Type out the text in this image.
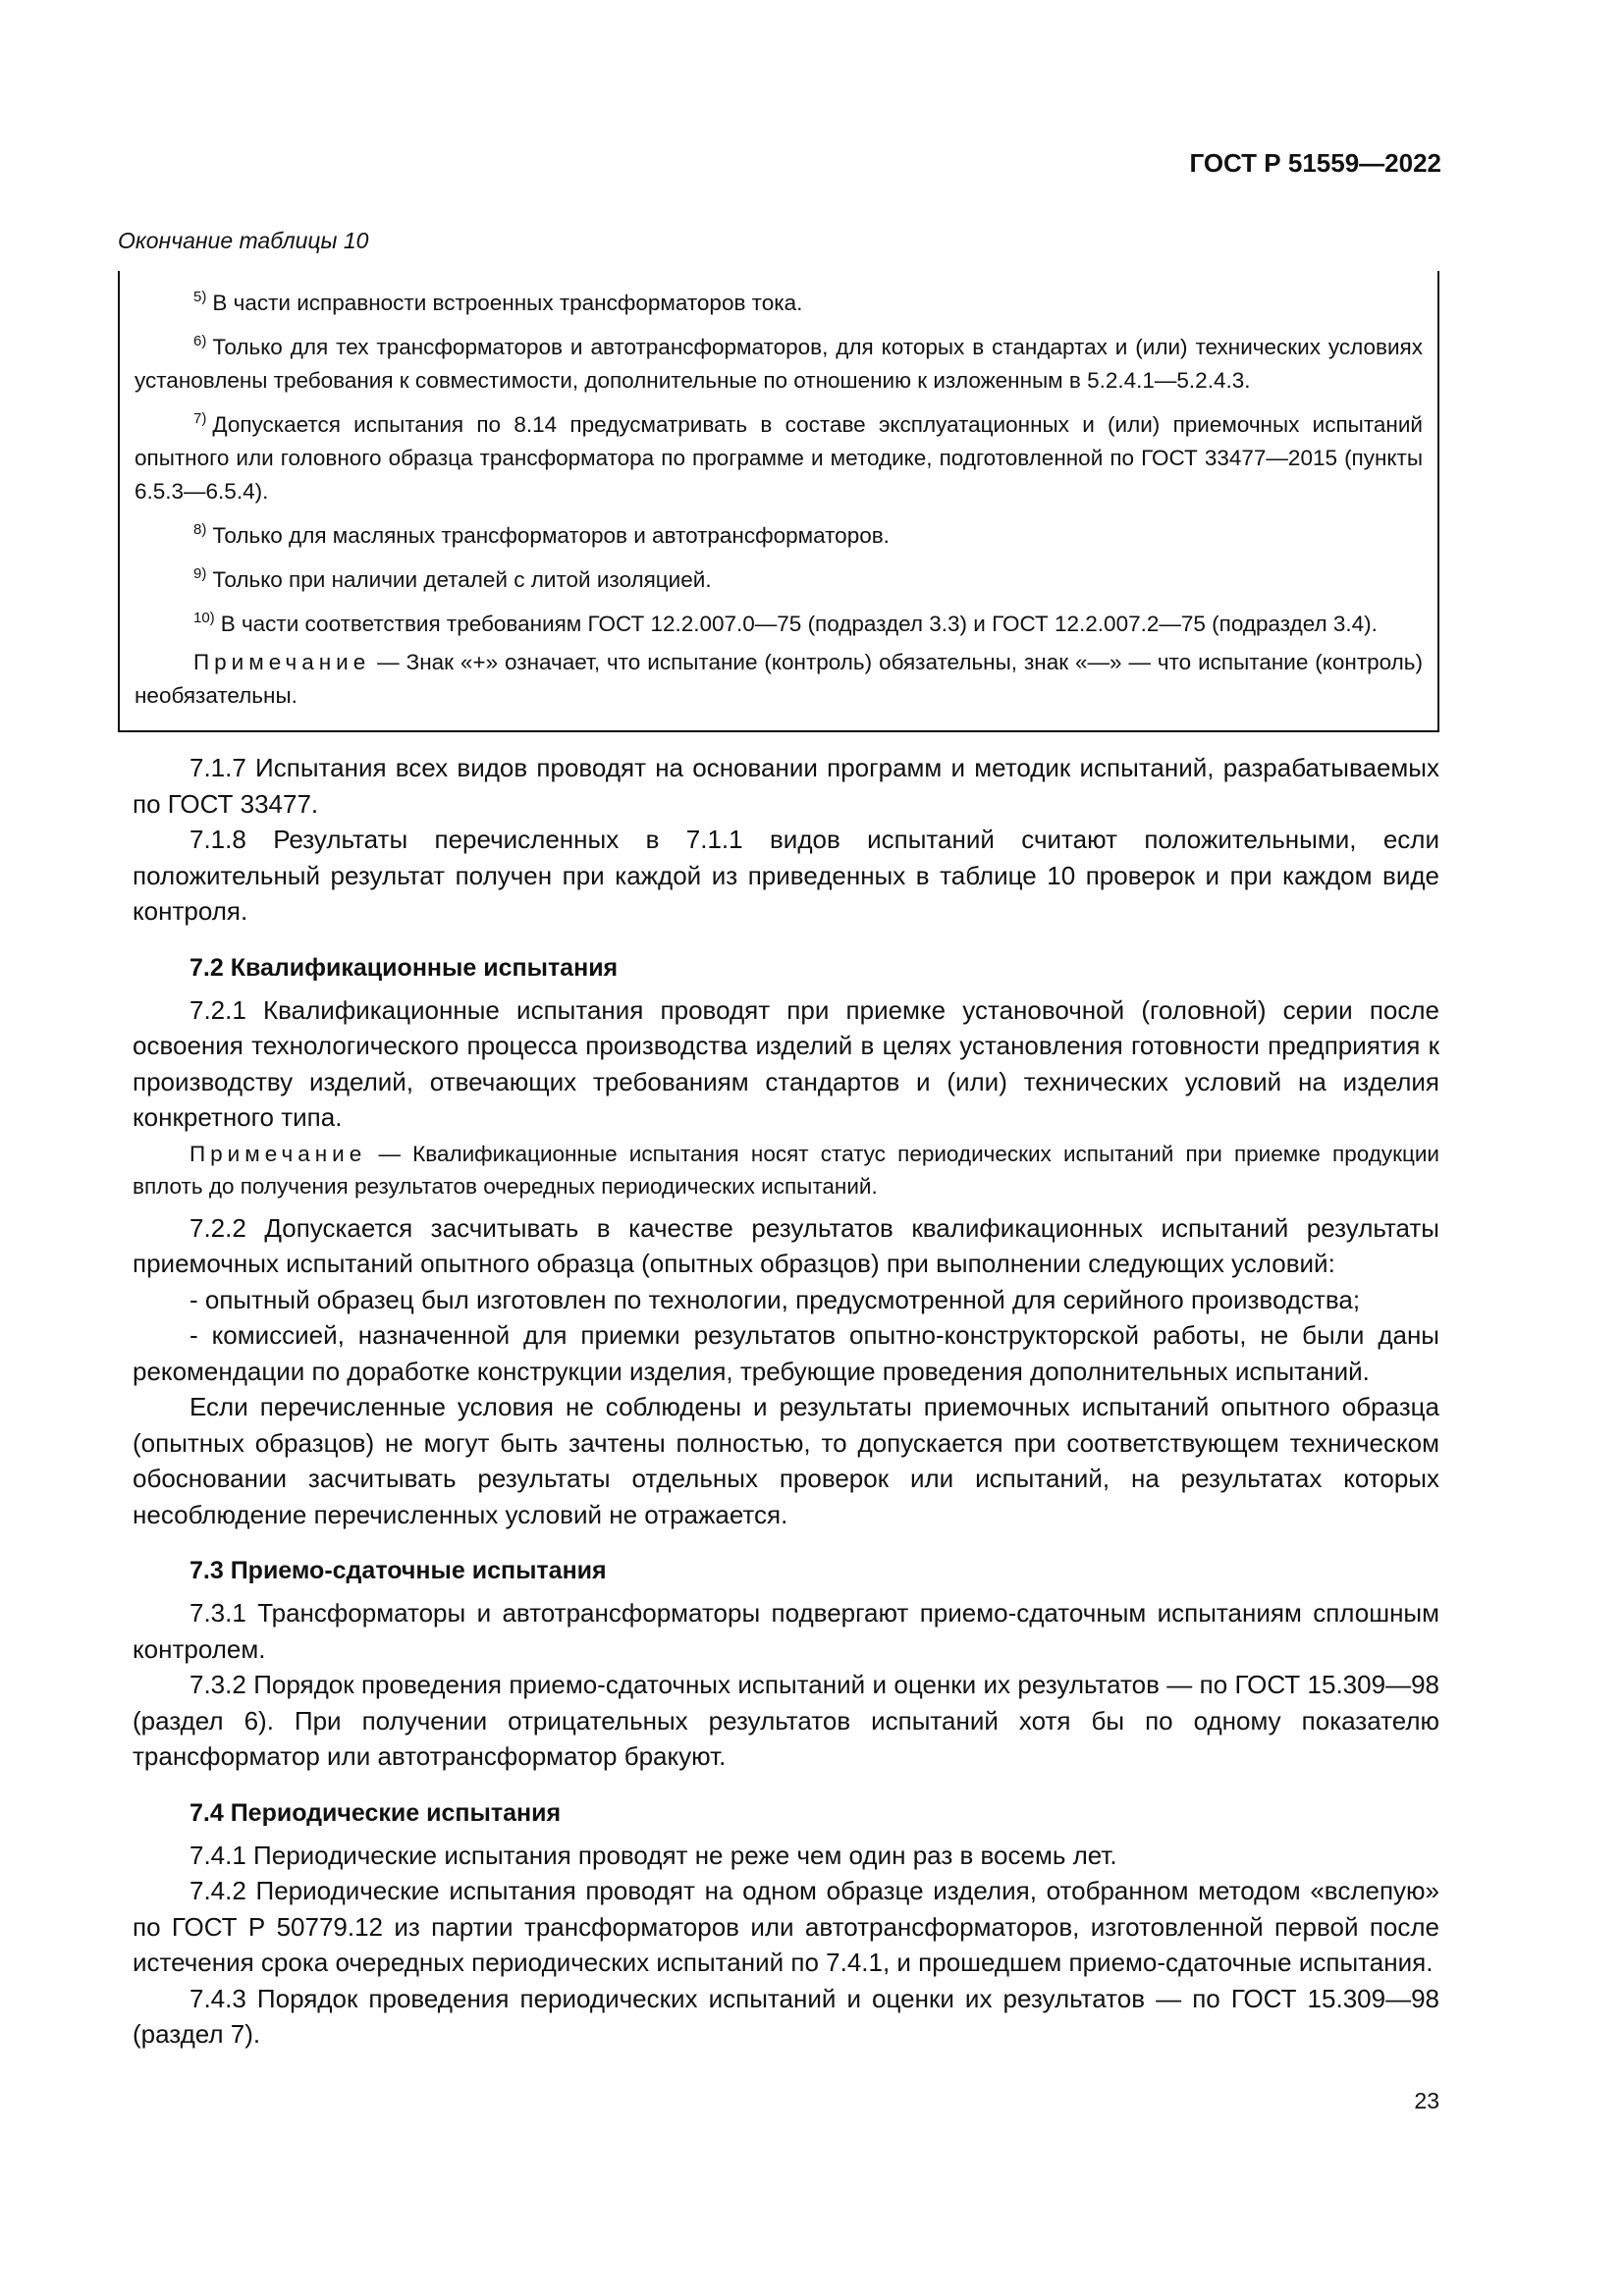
ГОСТ Р 51559—2022
Окончание таблицы 10

$^{5)}$ В части исправности встроенных трансформаторов тока.

$^{6)}$ Только для тех трансформаторов и автотрансформаторов, для которых в стандартах и (или) технических условиях установлены требования к совместимости, дополнительные по отношению к изложенным в 5.2.4.1—5.2.4.3.

$^{7)}$ Допускается испытания по 8.14 предусматривать в составе эксплуатационных и (или) приемочных испытаний опытного или головного образца трансформатора по программе и методике, подготовленной по ГОСТ 33477—2015 (пункты 6.5.3—6.5.4).

$^{8)}$ Только для масляных трансформаторов и автотрансформаторов.

$^{9)}$ Только при наличии деталей с литой изоляцией.

$^{10)}$ В части соответствия требованиям ГОСТ 12.2.007.0—75 (подраздел 3.3) и ГОСТ 12.2.007.2—75 (подраздел 3.4).

Примечание — Знак «+» означает, что испытание (контроль) обязательны, знак «—» — что испытание (контроль) необязательны.

7.1.7 Испытания всех видов проводят на основании программ и методик испытаний, разрабатываемых по ГОСТ 33477.

7.1.8 Результаты перечисленных в 7.1.1 видов испытаний считают положительными, если положительный результат получен при каждой из приведенных в таблице 10 проверок и при каждом виде контроля.

7.2 Квалификационные испытания

7.2.1 Квалификационные испытания проводят при приемке установочной (головной) серии после освоения технологического процесса производства изделий в целях установления готовности предприятия к производству изделий, отвечающих требованиям стандартов и (или) технических условий на изделия конкретного типа.

Примечание — Квалификационные испытания носят статус периодических испытаний при приемке продукции вплоть до получения результатов очередных периодических испытаний.

7.2.2 Допускается засчитывать в качестве результатов квалификационных испытаний результаты приемочных испытаний опытного образца (опытных образцов) при выполнении следующих условий:

- опытный образец был изготовлен по технологии, предусмотренной для серийного производства;

- комиссией, назначенной для приемки результатов опытно-конструкторской работы, не были даны рекомендации по доработке конструкции изделия, требующие проведения дополнительных испытаний.

Если перечисленные условия не соблюдены и результаты приемочных испытаний опытного образца (опытных образцов) не могут быть зачтены полностью, то допускается при соответствующем техническом обосновании засчитывать результаты отдельных проверок или испытаний, на результатах которых несоблюдение перечисленных условий не отражается.

7.3 Приемо-сдаточные испытания

7.3.1 Трансформаторы и автотрансформаторы подвергают приемо-сдаточным испытаниям сплошным контролем.

7.3.2 Порядок проведения приемо-сдаточных испытаний и оценки их результатов — по ГОСТ 15.309—98 (раздел 6). При получении отрицательных результатов испытаний хотя бы по одному показателю трансформатор или автотрансформатор бракуют.

7.4 Периодические испытания

7.4.1 Периодические испытания проводят не реже чем один раз в восемь лет.

7.4.2 Периодические испытания проводят на одном образце изделия, отобранном методом «вслепую» по ГОСТ Р 50779.12 из партии трансформаторов или автотрансформаторов, изготовленной первой после истечения срока очередных периодических испытаний по 7.4.1, и прошедшем приемо-сдаточные испытания.

7.4.3 Порядок проведения периодических испытаний и оценки их результатов — по ГОСТ 15.309—98 (раздел 7).

23
